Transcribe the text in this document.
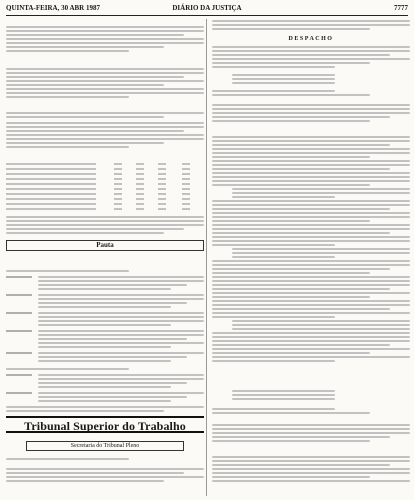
QUINTA-FEIRA, 30 ABR 1987	DIÁRIO DA JUSTIÇA	7777
Pauta
Tribunal Superior do Trabalho
Secretaria do Tribunal Pleno
DESPACHO
